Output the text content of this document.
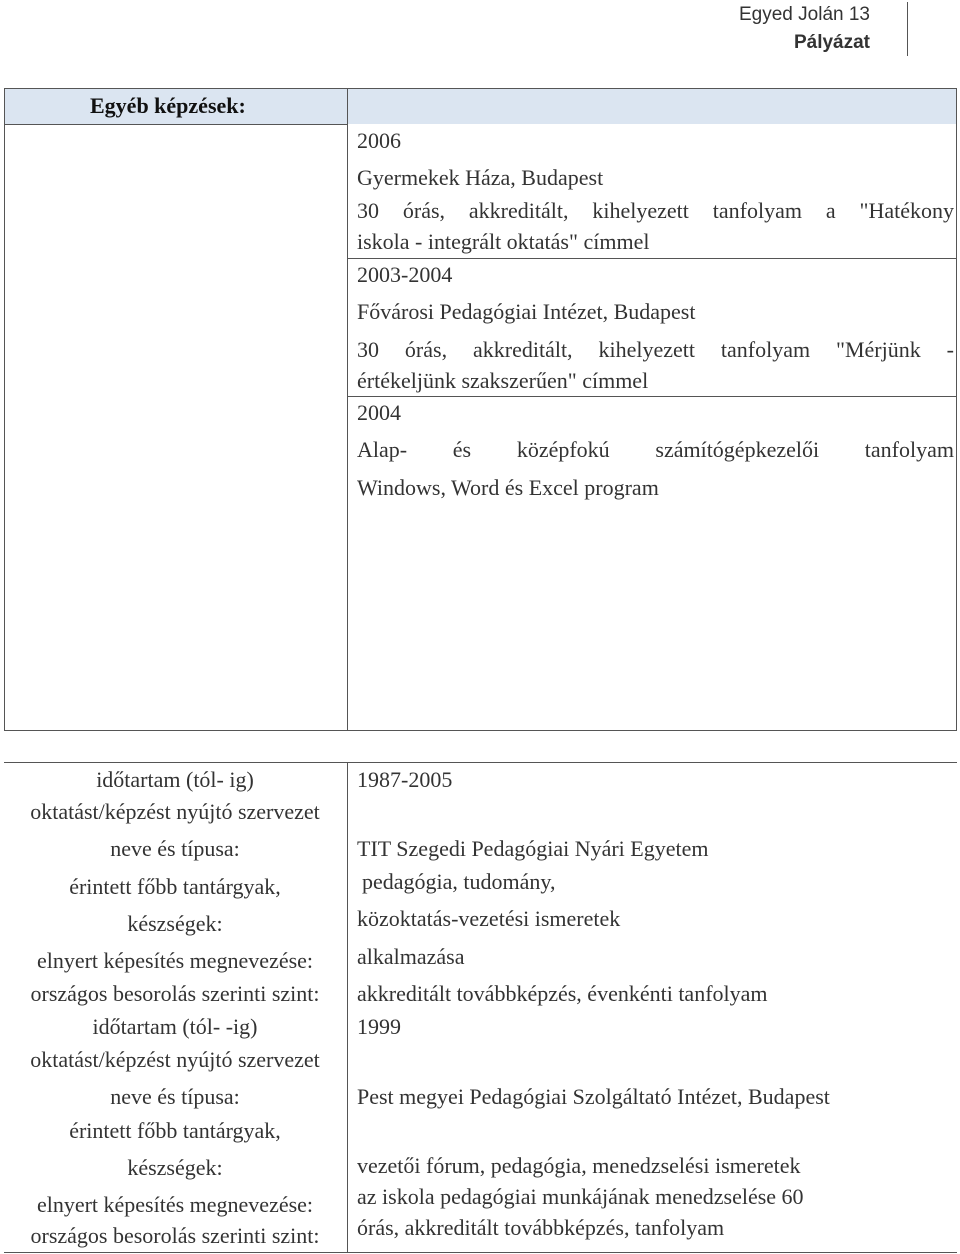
Egyed Jolán 13
Pályázat
Egyéb képzések:
2006
Gyermekek Háza, Budapest
30 órás, akkreditált, kihelyezett tanfolyam a "Hatékony
iskola - integrált oktatás" címmel
2003-2004
Fővárosi Pedagógiai Intézet, Budapest
30 órás, akkreditált, kihelyezett tanfolyam "Mérjünk -
értékeljünk szakszerűen" címmel
2004
Alap- és középfokú számítógépkezelői tanfolyam
Windows, Word és Excel program
időtartam (tól- ig)
oktatást/képzést nyújtó szervezet
neve és típusa:
érintett főbb tantárgyak,
készségek:
elnyert képesítés megnevezése:
országos besorolás szerinti szint:
1987-2005
TIT Szegedi Pedagógiai Nyári Egyetem
pedagógia, tudomány,
közoktatás-vezetési ismeretek
alkalmazása
akkreditált továbbképzés, évenkénti tanfolyam
időtartam (tól- -ig)
oktatást/képzést nyújtó szervezet
neve és típusa:
érintett főbb tantárgyak,
készségek:
elnyert képesítés megnevezése:
országos besorolás szerinti szint:
1999
Pest megyei Pedagógiai Szolgáltató Intézet, Budapest
vezetői fórum, pedagógia, menedzselési ismeretek
az iskola pedagógiai munkájának menedzselése 60
órás, akkreditált továbbképzés, tanfolyam
